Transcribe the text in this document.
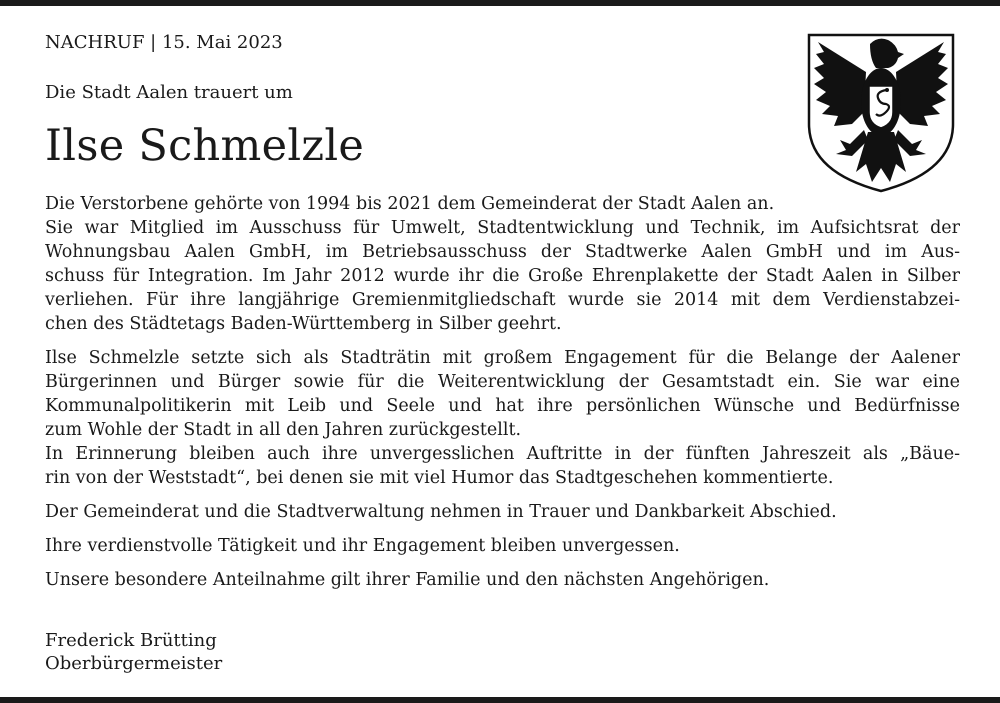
NACHRUF | 15. Mai 2023
Die Stadt Aalen trauert um
Ilse Schmelzle
Die Verstorbene gehörte von 1994 bis 2021 dem Gemeinderat der Stadt Aalen an.
Sie war Mitglied im Ausschuss für Umwelt, Stadtentwicklung und Technik, im Aufsichtsrat der
Wohnungsbau Aalen GmbH, im Betriebsausschuss der Stadtwerke Aalen GmbH und im Aus-
schuss für Integration. Im Jahr 2012 wurde ihr die Große Ehrenplakette der Stadt Aalen in Silber
verliehen. Für ihre langjährige Gremienmitgliedschaft wurde sie 2014 mit dem Verdienstabzei-
chen des Städtetags Baden-Württemberg in Silber geehrt.
Ilse Schmelzle setzte sich als Stadträtin mit großem Engagement für die Belange der Aalener
Bürgerinnen und Bürger sowie für die Weiterentwicklung der Gesamtstadt ein. Sie war eine
Kommunalpolitikerin mit Leib und Seele und hat ihre persönlichen Wünsche und Bedürfnisse
zum Wohle der Stadt in all den Jahren zurückgestellt.
In Erinnerung bleiben auch ihre unvergesslichen Auftritte in der fünften Jahreszeit als „Bäue-
rin von der Weststadt“, bei denen sie mit viel Humor das Stadtgeschehen kommentierte.
Der Gemeinderat und die Stadtverwaltung nehmen in Trauer und Dankbarkeit Abschied.
Ihre verdienstvolle Tätigkeit und ihr Engagement bleiben unvergessen.
Unsere besondere Anteilnahme gilt ihrer Familie und den nächsten Angehörigen.
Frederick Brütting
Oberbürgermeister
